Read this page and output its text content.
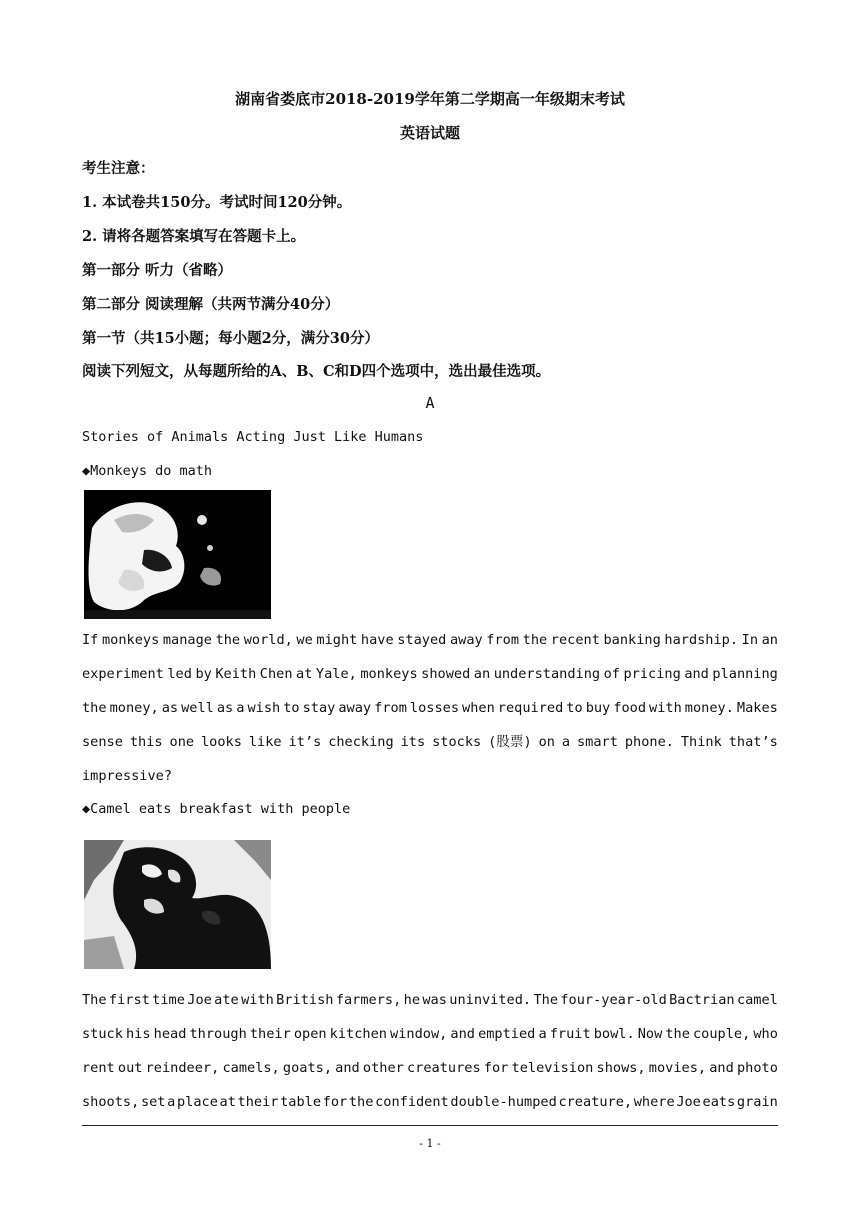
湖南省娄底市2018-2019学年第二学期高一年级期末考试
英语试题
考生注意：
1. 本试卷共150分。考试时间120分钟。
2. 请将各题答案填写在答题卡上。
第一部分 听力（省略）
第二部分 阅读理解（共两节满分40分）
第一节（共15小题；每小题2分，满分30分）
阅读下列短文，从每题所给的A、B、C和D四个选项中，选出最佳选项。
A
Stories of Animals Acting Just Like Humans
◆Monkeys do math
If monkeys manage the world, we might have stayed away from the recent banking hardship. In an
experiment led by Keith Chen at Yale, monkeys showed an understanding of pricing and planning
the money, as well as a wish to stay away from losses when required to buy food with money. Makes
sense this one looks like it’s checking its stocks (股票) on a smart phone. Think that’s
impressive?
◆Camel eats breakfast with people
The first time Joe ate with British farmers, he was uninvited. The four-year-old Bactrian camel
stuck his head through their open kitchen window, and emptied a fruit bowl. Now the couple, who
rent out reindeer, camels, goats, and other creatures for television shows, movies, and photo
shoots, set a place at their table for the confident double-humped creature, where Joe eats grain
- 1 -
